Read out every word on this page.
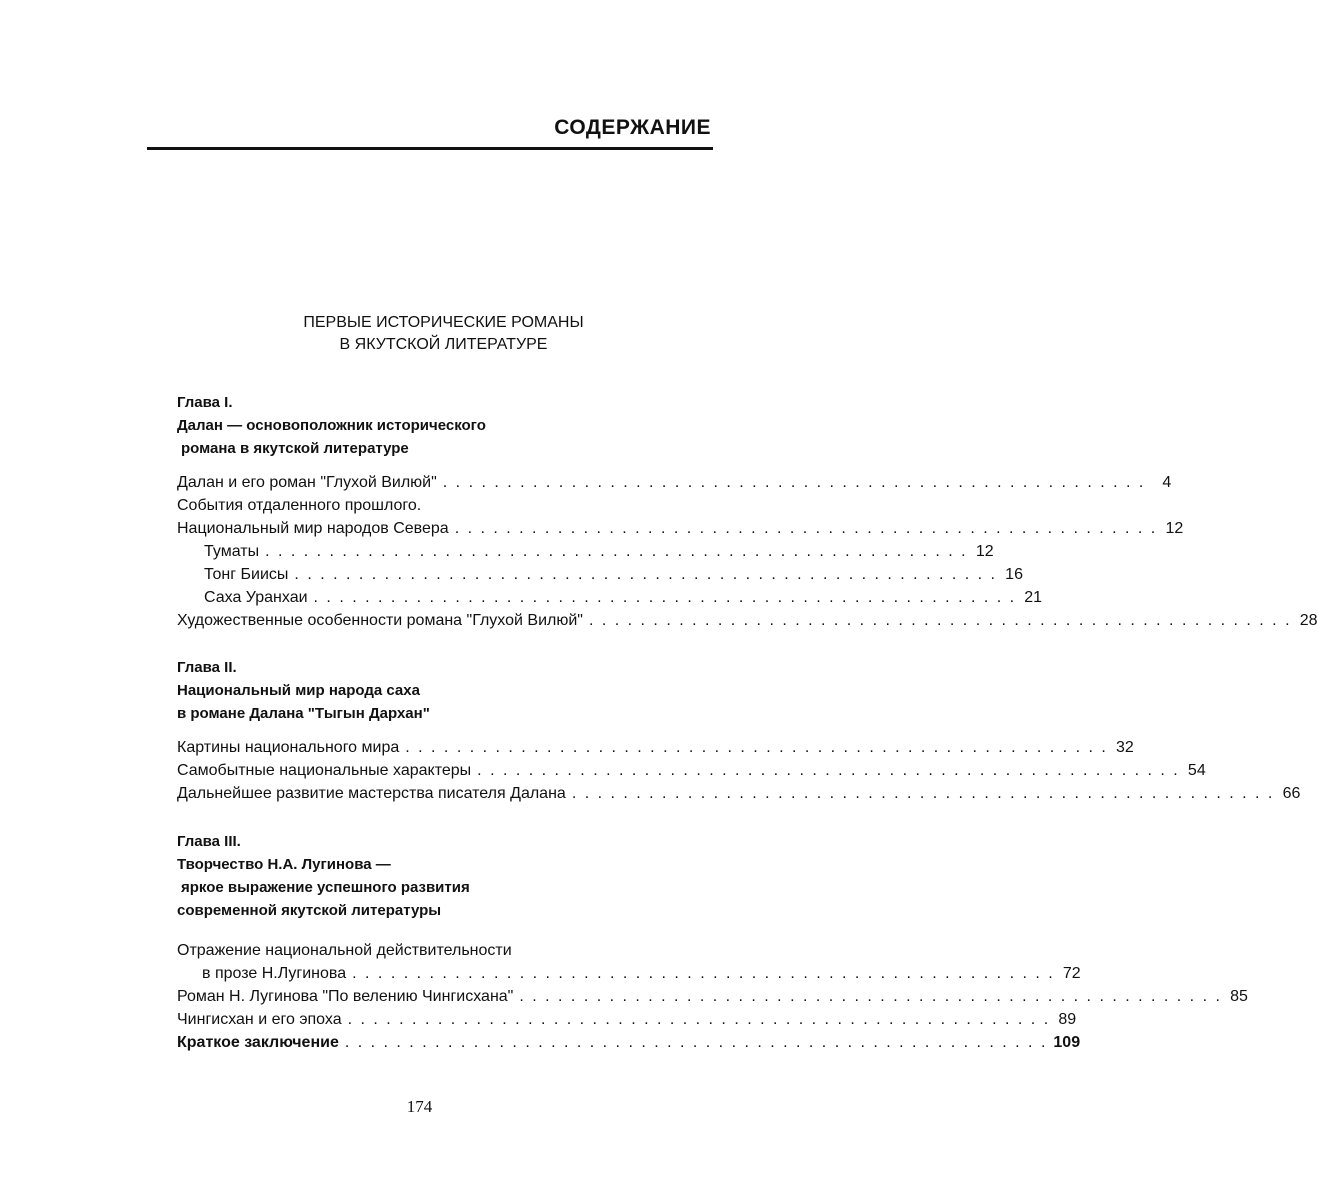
СОДЕРЖАНИЕ
ПЕРВЫЕ ИСТОРИЧЕСКИЕ РОМАНЫ
В ЯКУТСКОЙ ЛИТЕРАТУРЕ
Глава I.
Далан — основоположник исторического
романа в якутской литературе
Далан и его роман "Глухой Вилюй" . . . . . . . . . . . . . . . . . . . . . . . . . . . . . . . . . . . . . . . . . . . . . . . . . . . . . . .	4
События отдаленного прошлого.
Национальный мир народов Севера . . . . . . . . . . . . . . . . . . . . . . . . . . . . . . . . . . . . . . . . . . . . . . . . . . . . . . . 12
Туматы . . . . . . . . . . . . . . . . . . . . . . . . . . . . . . . . . . . . . . . . . . . . . . . . . . . . . . . 12
Тонг Биисы . . . . . . . . . . . . . . . . . . . . . . . . . . . . . . . . . . . . . . . . . . . . . . . . . . . . . . . 16
Саха Уранхаи . . . . . . . . . . . . . . . . . . . . . . . . . . . . . . . . . . . . . . . . . . . . . . . . . . . . . . . 21
Художественные особенности романа "Глухой Вилюй" . . . . . . . . . . . . . . . . . . . . . . . . . . . . . . . . . . . . . . . . . . . . . . . . . . . . . . . 28
Глава II.
Национальный мир народа саха
в романе Далана "Тыгын Дархан"
Картины национального мира . . . . . . . . . . . . . . . . . . . . . . . . . . . . . . . . . . . . . . . . . . . . . . . . . . . . . . . 32
Самобытные национальные характеры . . . . . . . . . . . . . . . . . . . . . . . . . . . . . . . . . . . . . . . . . . . . . . . . . . . . . . . 54
Дальнейшее развитие мастерства писателя Далана . . . . . . . . . . . . . . . . . . . . . . . . . . . . . . . . . . . . . . . . . . . . . . . . . . . . . . . 66
Глава III.
Творчество Н.А. Лугинова —
яркое выражение успешного развития
современной якутской литературы
Отражение национальной действительности
в прозе Н.Лугинова . . . . . . . . . . . . . . . . . . . . . . . . . . . . . . . . . . . . . . . . . . . . . . . . . . . . . . . 72
Роман Н. Лугинова "По велению Чингисхана" . . . . . . . . . . . . . . . . . . . . . . . . . . . . . . . . . . . . . . . . . . . . . . . . . . . . . . . 85
Чингисхан и его эпоха . . . . . . . . . . . . . . . . . . . . . . . . . . . . . . . . . . . . . . . . . . . . . . . . . . . . . . . 89
Краткое заключение . . . . . . . . . . . . . . . . . . . . . . . . . . . . . . . . . . . . . . . . . . . . . . . . . . . . . . . 109
174
